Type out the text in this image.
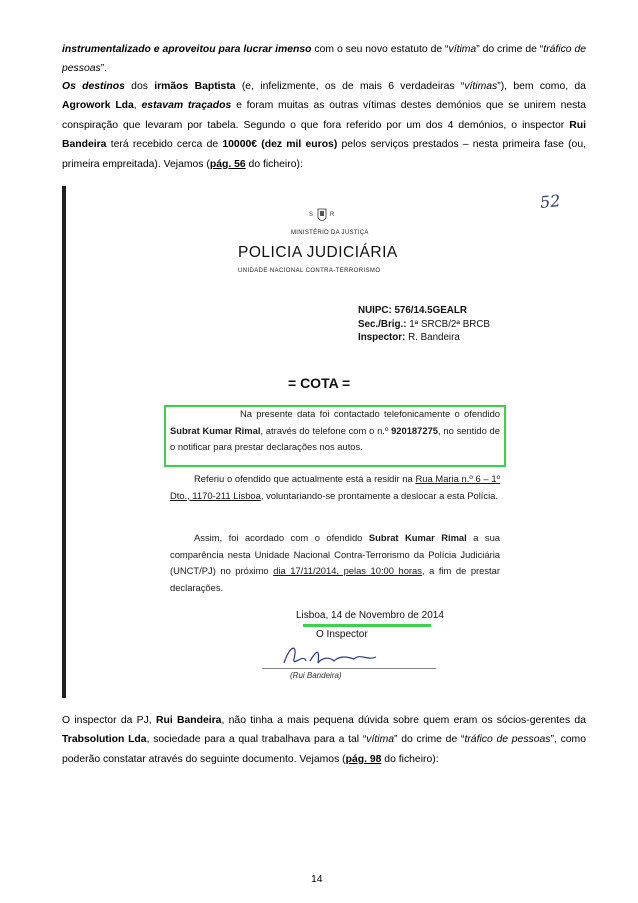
instrumentalizado e aproveitou para lucrar imenso com o seu novo estatuto de “vítima” do crime de “tráfico de pessoas”.

Os destinos dos irmãos Baptista (e, infelizmente, os de mais 6 verdadeiras “vítimas”), bem como, da Agrowork Lda, estavam traçados e foram muitas as outras vítimas destes demónios que se unirem nesta conspiração que levaram por tabela. Segundo o que fora referido por um dos 4 demónios, o inspector Rui Bandeira terá recebido cerca de 10000€ (dez mil euros) pelos serviços prestados – nesta primeira fase (ou, primeira empreitada). Vejamos (pág. 56 do ficheiro):

52
S	R
MINISTÉRIO DA JUSTIÇA
POLICIA JUDICIÁRIA
UNIDADE NACIONAL CONTRA-TERRORISMO
NUIPC: 576/14.5GEALR
Sec./Brig.: 1ª SRCB/2ª BRCB
Inspector: R. Bandeira
= COTA =
Na presente data foi contactado telefonicamente o ofendido Subrat Kumar Rimal, através do telefone com o n.º 920187275, no sentido de o notificar para prestar declarações nos autos.
Referiu o ofendido que actualmente está a residir na Rua Maria n.º 6 – 1º Dto., 1170-211 Lisboa, voluntariando-se prontamente a deslocar a esta Polícia.
Assim, foi acordado com o ofendido Subrat Kumar Rimal a sua comparência nesta Unidade Nacional Contra-Terrorismo da Polícia Judiciária (UNCT/PJ) no próximo dia 17/11/2014, pelas 10:00 horas, a fim de prestar declarações.
Lisboa, 14 de Novembro de 2014
O Inspector
(Rui Bandeira)

O inspector da PJ, Rui Bandeira, não tinha a mais pequena dúvida sobre quem eram os sócios-gerentes da Trabsolution Lda, sociedade para a qual trabalhava para a tal “vítima” do crime de “tráfico de pessoas”, como poderão constatar através do seguinte documento. Vejamos (pág. 98 do ficheiro):

14
